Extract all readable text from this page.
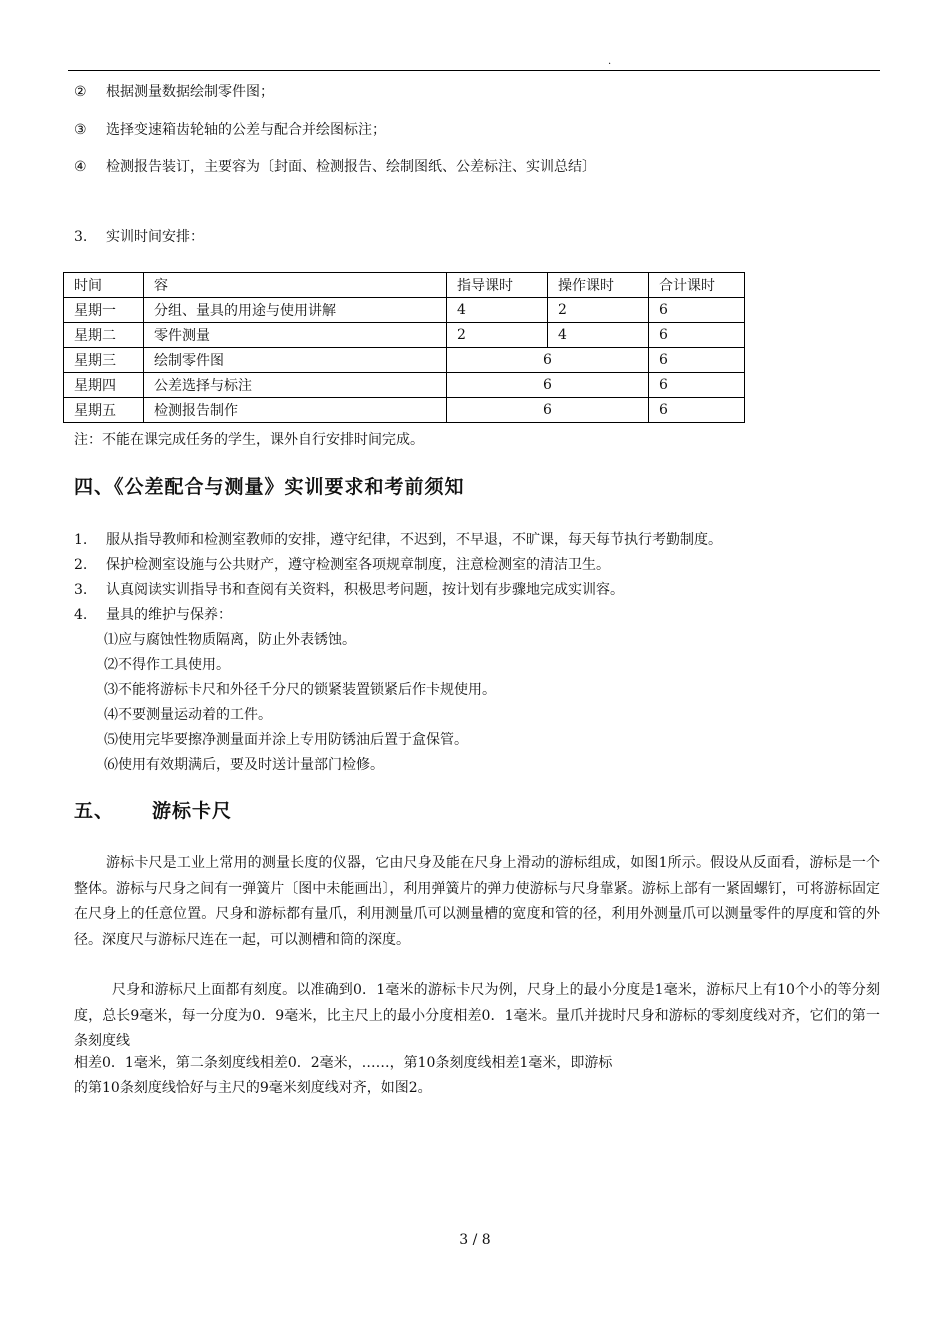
.
② 根据测量数据绘制零件图；
③ 选择变速箱齿轮轴的公差与配合并绘图标注；
④ 检测报告装订，主要容为〔封面、检测报告、绘制图纸、公差标注、实训总结〕
3. 实训时间安排：
时间	容	指导课时	操作课时	合计课时
星期一	分组、量具的用途与使用讲解	4	2	6
星期二	零件测量	2	4	6
星期三	绘制零件图	6		6
星期四	公差选择与标注	6		6
星期五	检测报告制作	6		6
注：不能在课完成任务的学生，课外自行安排时间完成。
四、《公差配合与测量》实训要求和考前须知
1. 服从指导教师和检测室教师的安排，遵守纪律，不迟到，不早退，不旷课，每天每节执行考勤制度。
2. 保护检测室设施与公共财产，遵守检测室各项规章制度，注意检测室的清洁卫生。
3. 认真阅读实训指导书和查阅有关资料，积极思考问题，按计划有步骤地完成实训容。
4. 量具的维护与保养：
⑴应与腐蚀性物质隔离，防止外表锈蚀。
⑵不得作工具使用。
⑶不能将游标卡尺和外径千分尺的锁紧装置锁紧后作卡规使用。
⑷不要测量运动着的工件。
⑸使用完毕要擦净测量面并涂上专用防锈油后置于盒保管。
⑹使用有效期满后，要及时送计量部门检修。
五、 游标卡尺
游标卡尺是工业上常用的测量长度的仪器，它由尺身及能在尺身上滑动的游标组成，如图1所示。假设从反面看，游标是一个整体。游标与尺身之间有一弹簧片〔图中未能画出〕，利用弹簧片的弹力使游标与尺身靠紧。游标上部有一紧固螺钉，可将游标固定在尺身上的任意位置。尺身和游标都有量爪，利用测量爪可以测量槽的宽度和管的径，利用外测量爪可以测量零件的厚度和管的外径。深度尺与游标尺连在一起，可以测槽和筒的深度。
尺身和游标尺上面都有刻度。以准确到0．1毫米的游标卡尺为例，尺身上的最小分度是1毫米，游标尺上有10个小的等分刻度，总长9毫米，每一分度为0．9毫米，比主尺上的最小分度相差0．1毫米。量爪并拢时尺身和游标的零刻度线对齐，它们的第一条刻度线
相差0．1毫米，第二条刻度线相差0．2毫米，……，第10条刻度线相差1毫米，即游标
的第10条刻度线恰好与主尺的9毫米刻度线对齐，如图2。
3 / 8
